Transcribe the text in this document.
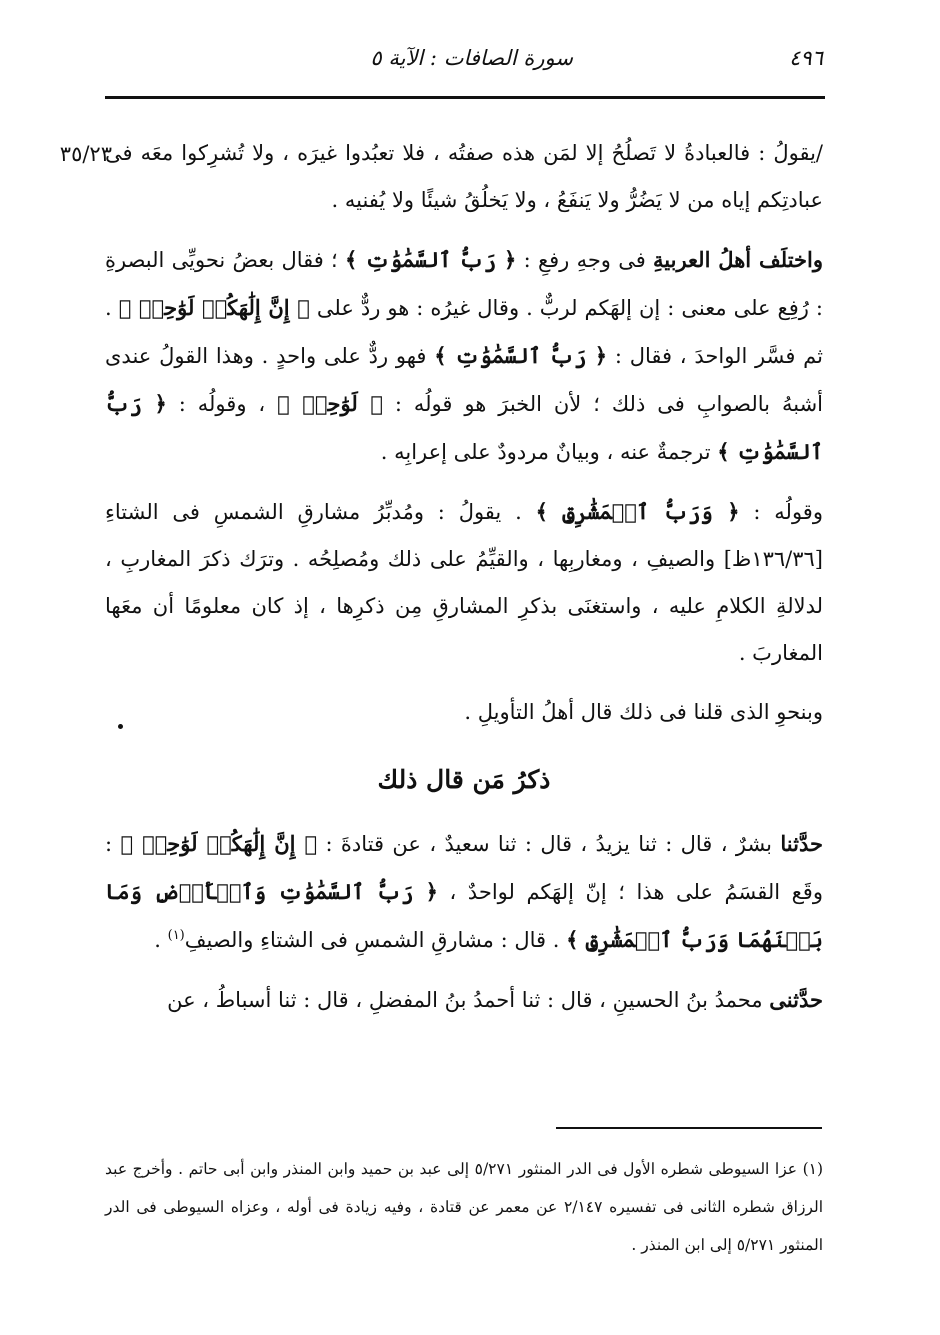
٤٩٦
سورة الصافات : الآية ٥
٣٥/٢٣

/يقولُ : فالعبادةُ لا تَصلُحُ إلا لمَن هذه صفتُه ، فلا تعبُدوا غيرَه ، ولا تُشرِكوا معَه فى عبادتِكم إياه من لا يَضُرُّ ولا يَنفَعُ ، ولا يَخلُقُ شيئًا ولا يُفنيه .

واختلَف أهلُ العربيةِ فى وجهِ رفعِ : ﴿ رَبُّ ٱلسَّمَٰوَٰتِ ﴾ ؛ فقال بعضُ نحويِّى البصرةِ : رُفِع على معنى : إن إلهَكم لربٌّ . وقال غيرُه : هو ردٌّ على ﴿ إِنَّ إِلَٰهَكُمۡ لَوَٰحِدٞ ﴾ . ثم فسَّر الواحدَ ، فقال : ﴿ رَبُّ ٱلسَّمَٰوَٰتِ ﴾ فهو ردٌّ على واحدٍ . وهذا القولُ عندى أشبهُ بالصوابِ فى ذلك ؛ لأن الخبرَ هو قولُه : ﴿ لَوَٰحِدٞ ﴾ ، وقولُه : ﴿ رَبُّ ٱلسَّمَٰوَٰتِ ﴾ ترجمةٌ عنه ، وبيانٌ مردودٌ على إعرابِه .

وقولُه : ﴿ وَرَبُّ ٱلۡمَشَٰرِقِ ﴾ . يقولُ : ومُدبِّرُ مشارقِ الشمسِ فى الشتاءِ [١٣٦/٣٦ظ] والصيفِ ، ومغاربِها ، والقيِّمُ على ذلك ومُصلِحُه . وترَك ذكرَ المغاربِ ، لدلالةِ الكلامِ عليه ، واستغنَى بذكرِ المشارقِ مِن ذكرِها ، إذ كان معلومًا أن معَها المغاربَ .

وبنحوِ الذى قلنا فى ذلك قال أهلُ التأويلِ .

ذكرُ مَن قال ذلك

حدَّثنا بشرٌ ، قال : ثنا يزيدُ ، قال : ثنا سعيدٌ ، عن قتادةَ : ﴿ إِنَّ إِلَٰهَكُمۡ لَوَٰحِدٞ ﴾ : وقَع القسَمُ على هذا ؛ إنّ إلهَكم لواحدٌ ، ﴿ رَبُّ ٱلسَّمَٰوَٰتِ وَٱلۡأَرۡضِ وَمَا بَيۡنَهُمَا وَرَبُّ ٱلۡمَشَٰرِقِ ﴾ . قال : مشارقِ الشمسِ فى الشتاءِ والصيفِ$^{(١)}$ .

حدَّثنى محمدُ بنُ الحسينِ ، قال : ثنا أحمدُ بنُ المفضلِ ، قال : ثنا أسباطُ ، عن

(١) عزا السيوطى شطره الأول فى الدر المنثور ٥/٢٧١ إلى عبد بن حميد وابن المنذر وابن أبى حاتم . وأخرج عبد الرزاق شطره الثانى فى تفسيره ٢/١٤٧ عن معمر عن قتادة ، وفيه زيادة فى أوله ، وعزاه السيوطى فى الدر المنثور ٥/٢٧١ إلى ابن المنذر .
